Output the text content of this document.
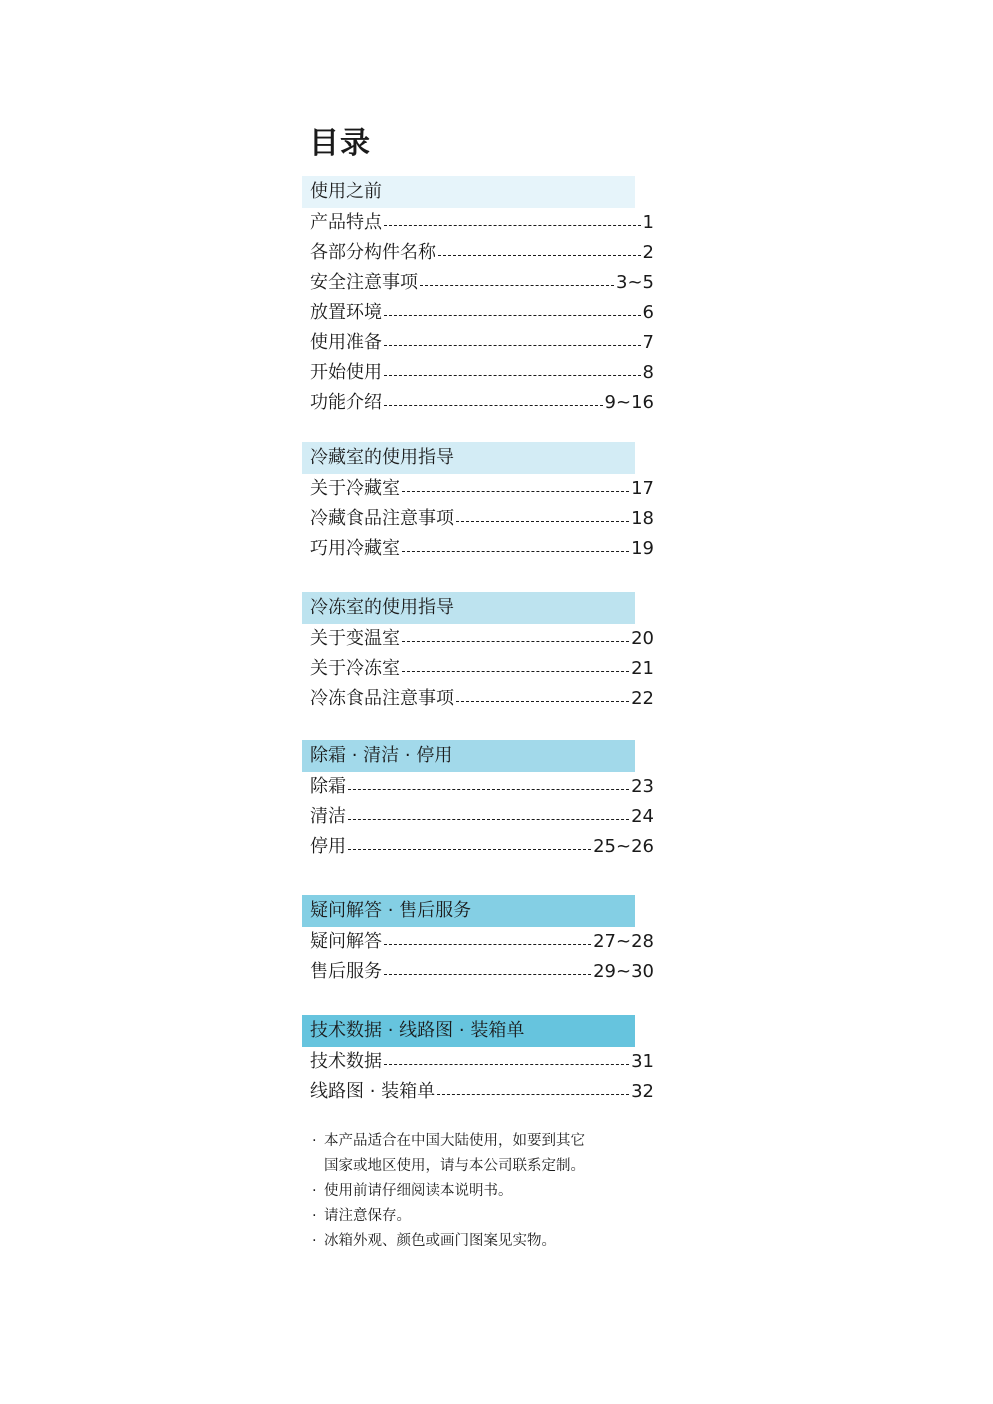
目录
使用之前
产品特点	1
各部分构件名称	2
安全注意事项	3~5
放置环境	6
使用准备	7
开始使用	8
功能介绍	9~16
冷藏室的使用指导
关于冷藏室	17
冷藏食品注意事项	18
巧用冷藏室	19
冷冻室的使用指导
关于变温室	20
关于冷冻室	21
冷冻食品注意事项	22
除霜 · 清洁 · 停用
除霜	23
清洁	24
停用	25~26
疑问解答 · 售后服务
疑问解答	27~28
售后服务	29~30
技术数据 · 线路图 · 装箱单
技术数据	31
线路图 · 装箱单	32
· 本产品适合在中国大陆使用，如要到其它
国家或地区使用，请与本公司联系定制。
· 使用前请仔细阅读本说明书。
· 请注意保存。
· 冰箱外观、颜色或画门图案见实物。
